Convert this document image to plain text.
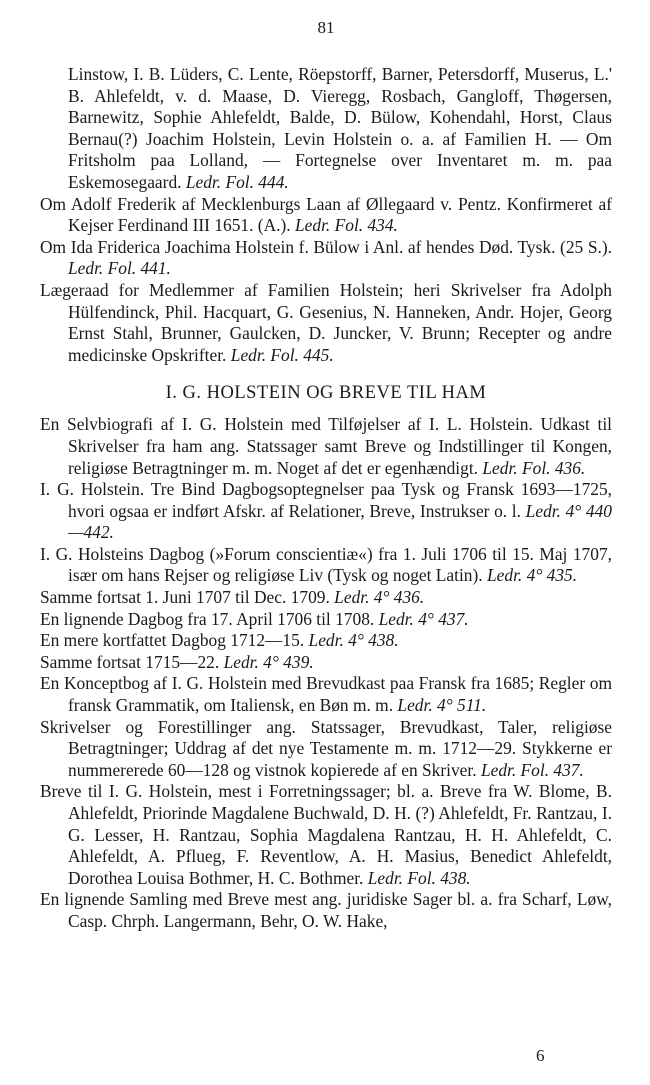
81

Linstow, I. B. Lüders, C. Lente, Röepstorff, Barner, Petersdorff, Muserus, L.' B. Ahlefeldt, v. d. Maase, D. Vieregg, Rosbach, Gangloff, Thøgersen, Barnewitz, Sophie Ahlefeldt, Balde, D. Bülow, Kohendahl, Horst, Claus Bernau(?) Joachim Holstein, Levin Holstein o. a. af Familien H. — Om Fritsholm paa Lolland, — Fortegnelse over Inventaret m. m. paa Eskemosegaard. Ledr. Fol. 444.

Om Adolf Frederik af Mecklenburgs Laan af Øllegaard v. Pentz. Konfirmeret af Kejser Ferdinand III 1651. (A.). Ledr. Fol. 434.

Om Ida Friderica Joachima Holstein f. Bülow i Anl. af hendes Død. Tysk. (25 S.). Ledr. Fol. 441.

Lægeraad for Medlemmer af Familien Holstein; heri Skrivelser fra Adolph Hülfendinck, Phil. Hacquart, G. Gesenius, N. Hanneken, Andr. Hojer, Georg Ernst Stahl, Brunner, Gaulcken, D. Juncker, V. Brunn; Recepter og andre medicinske Opskrifter. Ledr. Fol. 445.

I. G. HOLSTEIN OG BREVE TIL HAM

En Selvbiografi af I. G. Holstein med Tilføjelser af I. L. Holstein. Udkast til Skrivelser fra ham ang. Statssager samt Breve og Indstillinger til Kongen, religiøse Betragtninger m. m. Noget af det er egenhændigt. Ledr. Fol. 436.

I. G. Holstein. Tre Bind Dagbogsoptegnelser paa Tysk og Fransk 1693—1725, hvori ogsaa er indført Afskr. af Relationer, Breve, Instrukser o. l. Ledr. 4° 440—442.

I. G. Holsteins Dagbog (»Forum conscientiæ«) fra 1. Juli 1706 til 15. Maj 1707, især om hans Rejser og religiøse Liv (Tysk og noget Latin). Ledr. 4° 435.

Samme fortsat 1. Juni 1707 til Dec. 1709. Ledr. 4° 436.

En lignende Dagbog fra 17. April 1706 til 1708. Ledr. 4° 437.

En mere kortfattet Dagbog 1712—15. Ledr. 4° 438.

Samme fortsat 1715—22. Ledr. 4° 439.

En Konceptbog af I. G. Holstein med Brevudkast paa Fransk fra 1685; Regler om fransk Grammatik, om Italiensk, en Bøn m. m. Ledr. 4° 511.

Skrivelser og Forestillinger ang. Statssager, Brevudkast, Taler, religiøse Betragtninger; Uddrag af det nye Testamente m. m. 1712—29. Stykkerne er nummererede 60—128 og vistnok kopierede af en Skriver. Ledr. Fol. 437.

Breve til I. G. Holstein, mest i Forretningssager; bl. a. Breve fra W. Blome, B. Ahlefeldt, Priorinde Magdalene Buchwald, D. H. (?) Ahlefeldt, Fr. Rantzau, I. G. Lesser, H. Rantzau, Sophia Magdalena Rantzau, H. H. Ahlefeldt, C. Ahlefeldt, A. Pflueg, F. Reventlow, A. H. Masius, Benedict Ahlefeldt, Dorothea Louisa Bothmer, H. C. Bothmer. Ledr. Fol. 438.

En lignende Samling med Breve mest ang. juridiske Sager bl. a. fra Scharf, Løw, Casp. Chrph. Langermann, Behr, O. W. Hake,

6
